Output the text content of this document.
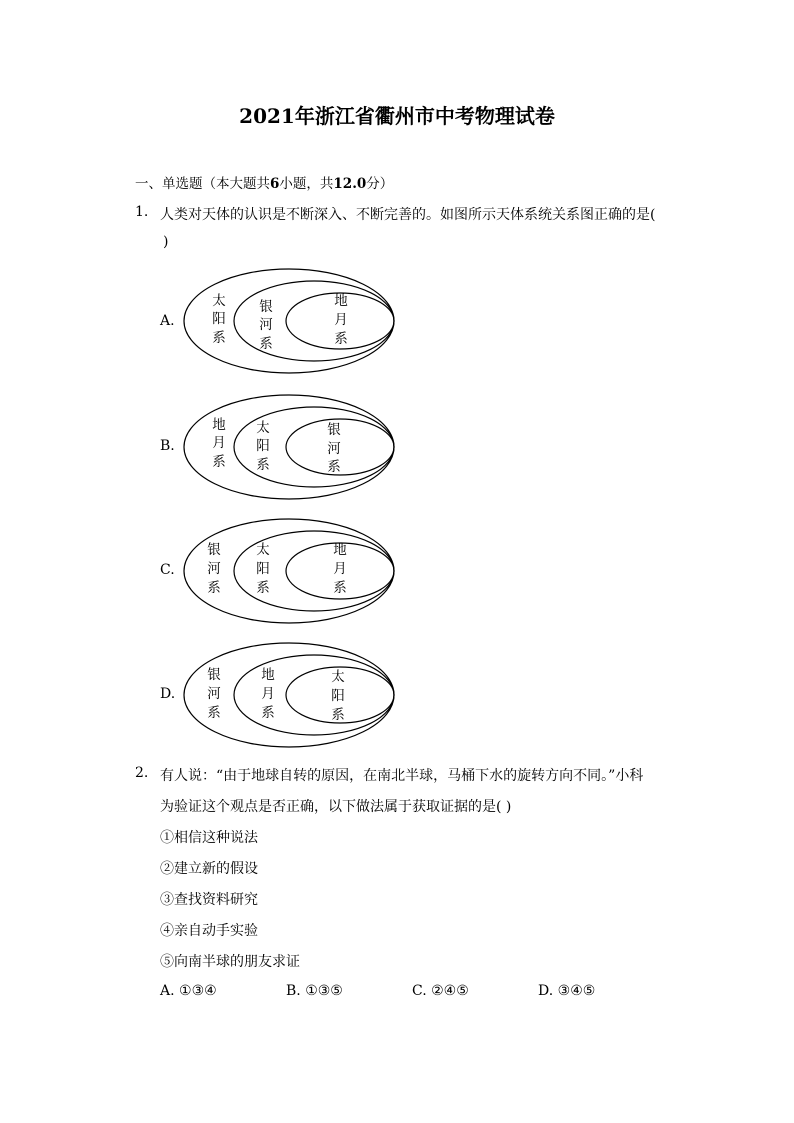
2021年浙江省衢州市中考物理试卷
一、单选题（本大题共6小题，共12.0分）
1. 人类对天体的认识是不断深入、不断完善的。如图所示天体系统关系图正确的是(
)
A.
太
阳
系
银
河
系
地
月
系
B.
地
月
系
太
阳
系
银
河
系
C.
银
河
系
太
阳
系
地
月
系
D.
银
河
系
地
月
系
太
阳
系
2. 有人说：“由于地球自转的原因，在南北半球，马桶下水的旋转方向不同。”小科
为验证这个观点是否正确，以下做法属于获取证据的是( )
①相信这种说法
②建立新的假设
③查找资料研究
④亲自动手实验
⑤向南半球的朋友求证
A. ①③④	B. ①③⑤	C. ②④⑤	D. ③④⑤
